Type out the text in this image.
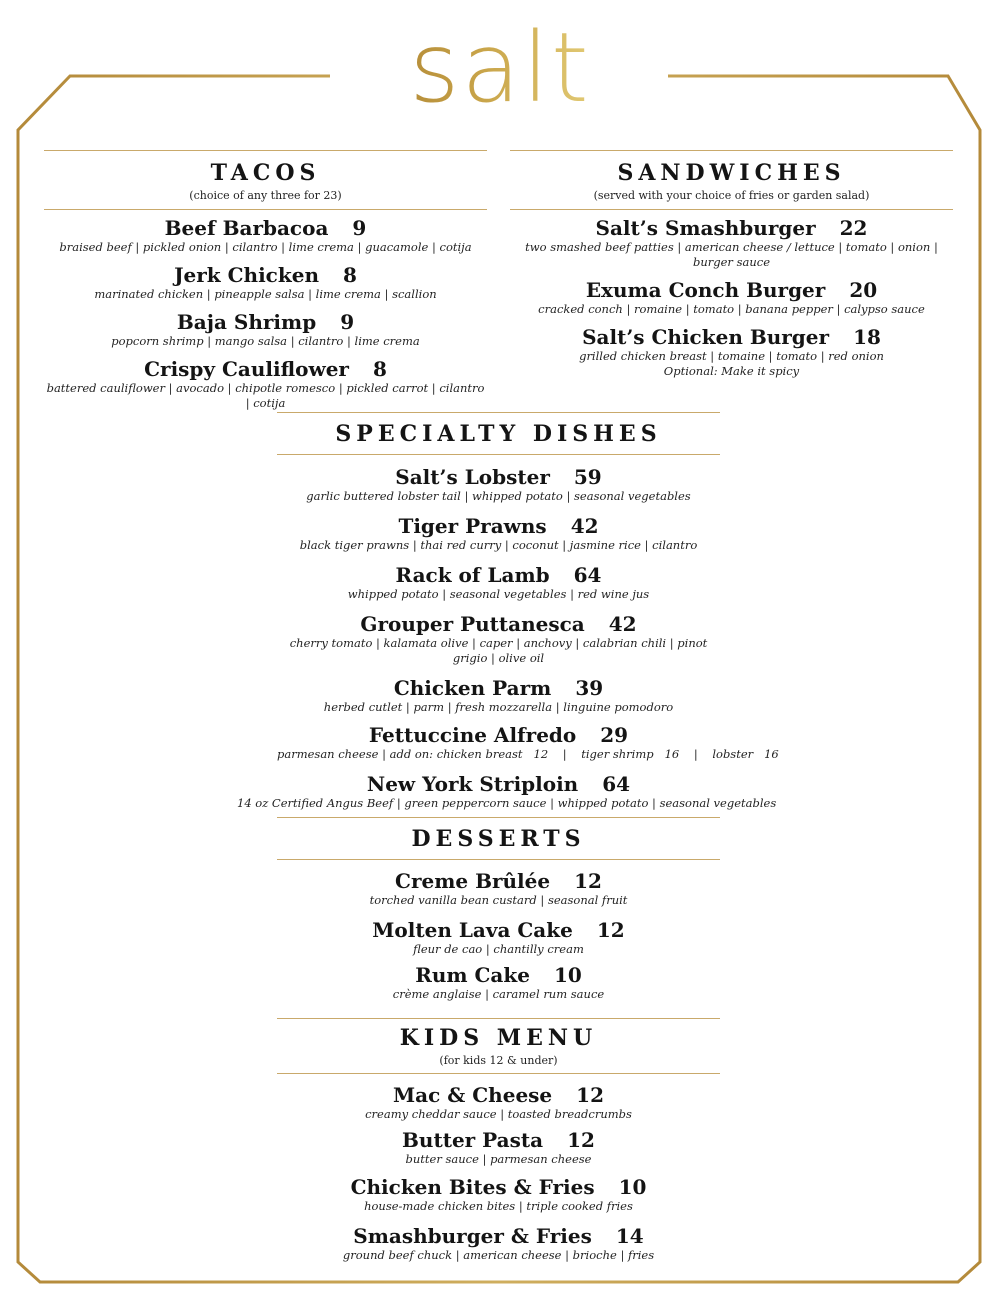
salt
TACOS
(choice of any three for 23)
Beef Barbacoa 9
braised beef | pickled onion | cilantro | lime crema | guacamole | cotija
Jerk Chicken 8
marinated chicken | pineapple salsa | lime crema | scallion
Baja Shrimp 9
popcorn shrimp | mango salsa | cilantro | lime crema
Crispy Cauliflower 8
battered cauliflower | avocado | chipotle romesco | pickled carrot | cilantro | cotija
SANDWICHES
(served with your choice of fries or garden salad)
Salt’s Smashburger 22
two smashed beef patties | american cheese / lettuce | tomato | onion | burger sauce
Exuma Conch Burger 20
cracked conch | romaine | tomato | banana pepper | calypso sauce
Salt’s Chicken Burger 18
grilled chicken breast | tomaine | tomato | red onion
Optional: Make it spicy
SPECIALTY DISHES
Salt’s Lobster 59
garlic buttered lobster tail | whipped potato | seasonal vegetables
Tiger Prawns 42
black tiger prawns | thai red curry | coconut | jasmine rice | cilantro
Rack of Lamb 64
whipped potato | seasonal vegetables | red wine jus
Grouper Puttanesca 42
cherry tomato | kalamata olive | caper | anchovy | calabrian chili | pinot grigio | olive oil
Chicken Parm 39
herbed cutlet | parm | fresh mozzarella | linguine pomodoro
Fettuccine Alfredo 29
parmesan cheese | add on: chicken breast   12    |    tiger shrimp   16    |    lobster   16
New York Striploin 64
14 oz Certified Angus Beef | green peppercorn sauce | whipped potato | seasonal vegetables
DESSERTS
Creme Brûlée 12
torched vanilla bean custard | seasonal fruit
Molten Lava Cake 12
fleur de cao | chantilly cream
Rum Cake 10
crème anglaise | caramel rum sauce
KIDS MENU
(for kids 12 & under)
Mac & Cheese 12
creamy cheddar sauce | toasted breadcrumbs
Butter Pasta 12
butter sauce | parmesan cheese
Chicken Bites & Fries 10
house-made chicken bites | triple cooked fries
Smashburger & Fries 14
ground beef chuck | american cheese | brioche | fries
